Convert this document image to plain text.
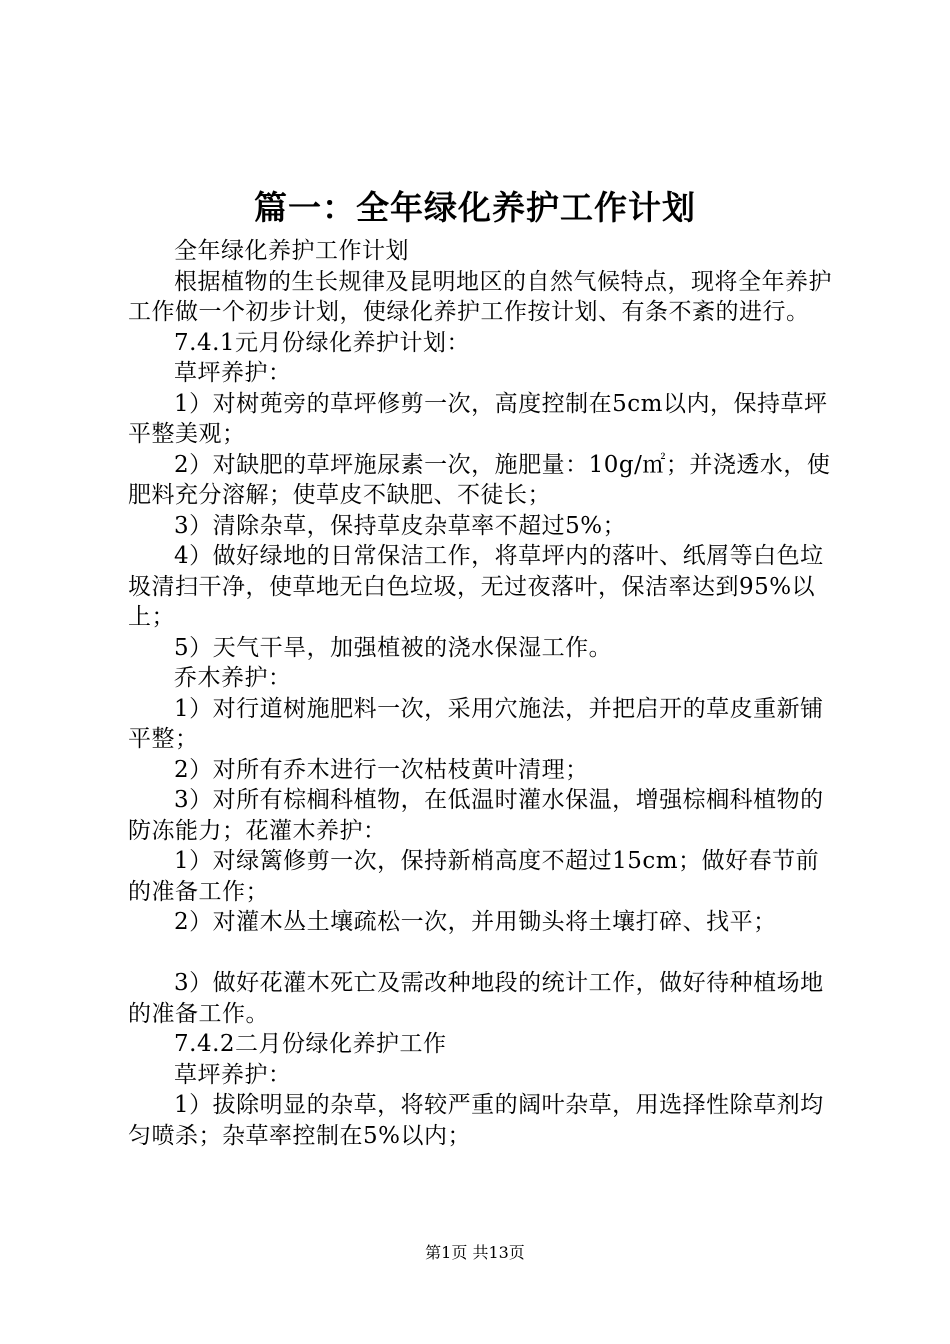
篇一：全年绿化养护工作计划

全年绿化养护工作计划

根据植物的生长规律及昆明地区的自然气候特点，现将全年养护工作做一个初步计划，使绿化养护工作按计划、有条不紊的进行。

7.4.1元月份绿化养护计划：

草坪养护：

1）对树蔸旁的草坪修剪一次，高度控制在5cm以内，保持草坪平整美观；

2）对缺肥的草坪施尿素一次，施肥量：10g/㎡；并浇透水，使肥料充分溶解；使草皮不缺肥、不徒长；

3）清除杂草，保持草皮杂草率不超过5%；

4）做好绿地的日常保洁工作，将草坪内的落叶、纸屑等白色垃圾清扫干净，使草地无白色垃圾，无过夜落叶，保洁率达到95%以上；

5）天气干旱，加强植被的浇水保湿工作。

乔木养护：

1）对行道树施肥料一次，采用穴施法，并把启开的草皮重新铺平整；

2）对所有乔木进行一次枯枝黄叶清理；

3）对所有棕榈科植物，在低温时灌水保温，增强棕榈科植物的防冻能力；花灌木养护：

1）对绿篱修剪一次，保持新梢高度不超过15cm；做好春节前的准备工作；

2）对灌木丛土壤疏松一次，并用锄头将土壤打碎、找平；

3）做好花灌木死亡及需改种地段的统计工作，做好待种植场地的准备工作。

7.4.2二月份绿化养护工作

草坪养护：

1）拔除明显的杂草，将较严重的阔叶杂草，用选择性除草剂均匀喷杀；杂草率控制在5%以内；

第1页 共13页
